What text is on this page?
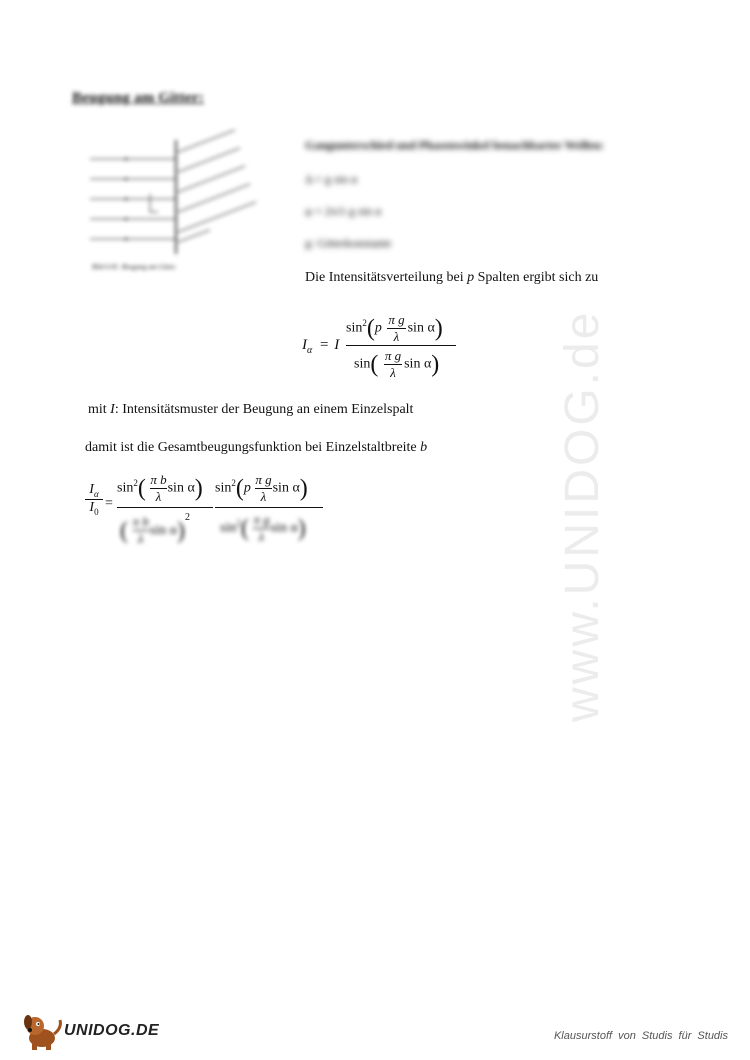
Beugung am Gitter:
Bild 6-81. Beugung am Gitter.
Gangunterschied und Phasenwinkel benachbarter Wellen:
Δ = g sin α
φ = 2π/λ g sin α
g: Gitterkonstante
Die Intensitätsverteilung bei p Spalten ergibt sich zu
$I_\alpha = I$
$\sin^2(p \frac{\text{π g}}{\lambda}$ sin α)
$\sin( \frac{\text{π g}}{\lambda}$ sin α)
mit I: Intensitätsmuster der Beugung an einem Einzelspalt
damit ist die Gesamtbeugungsfunktion bei Einzelstaltbreite b
$I_\alpha$
$I_0$
=
$\sin^2( \frac{\text{π b}}{\lambda}$ sin α)
( $\frac{\text{π b}}{\lambda}$ sin α)$^2$
$\sin^2(p \frac{\text{π g}}{\lambda}$ sin α)
$\sin^2( \frac{\text{π g}}{\lambda}$ sin α)	www.UNIDOG.de
UNIDOG.DE	Klausurstoff von Studis für Studis
